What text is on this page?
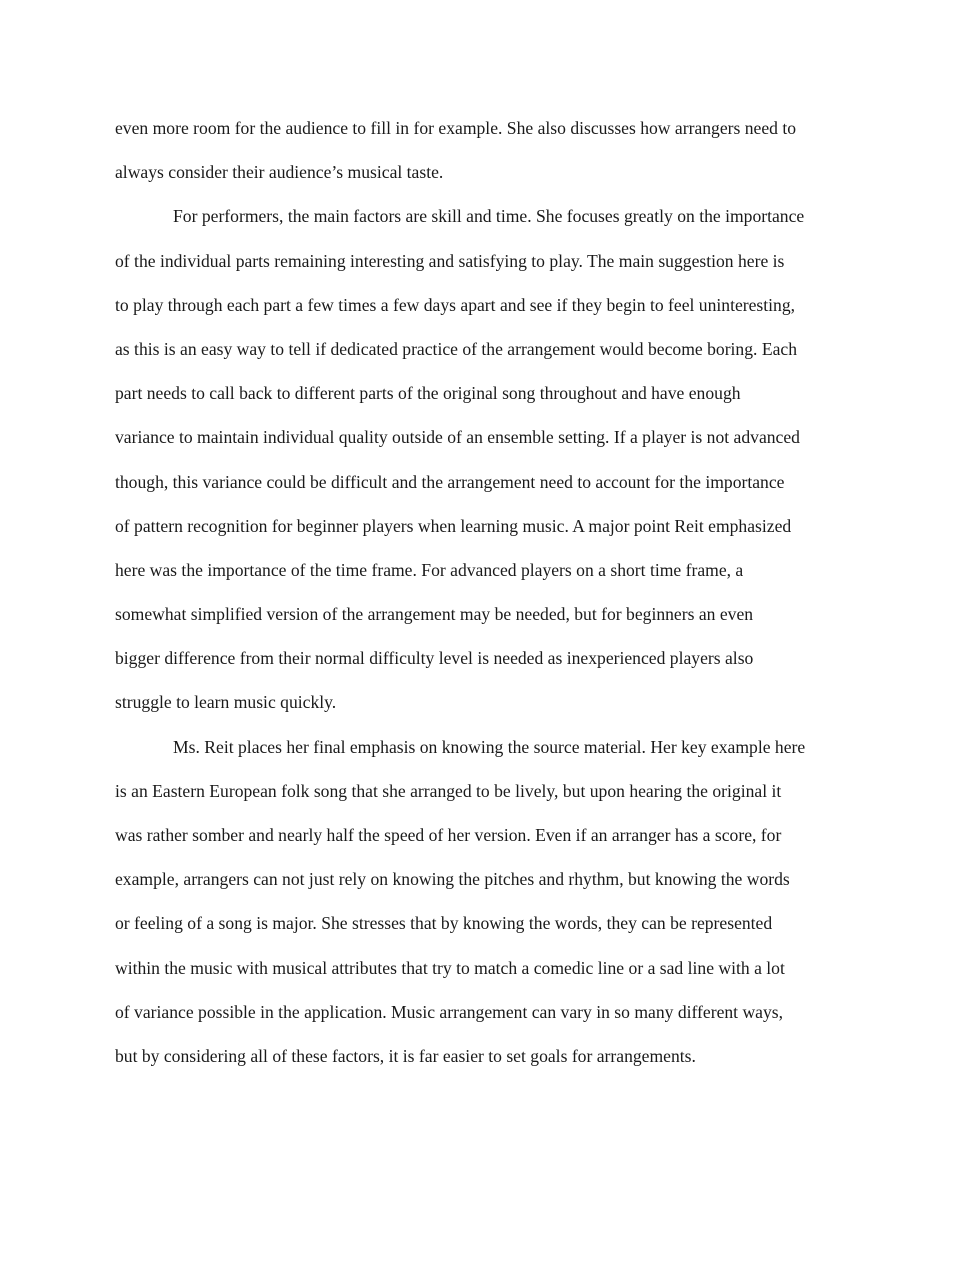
even more room for the audience to fill in for example. She also discusses how arrangers need to
always consider their audience’s musical taste.
For performers, the main factors are skill and time. She focuses greatly on the importance
of the individual parts remaining interesting and satisfying to play. The main suggestion here is
to play through each part a few times a few days apart and see if they begin to feel uninteresting,
as this is an easy way to tell if dedicated practice of the arrangement would become boring. Each
part needs to call back to different parts of the original song throughout and have enough
variance to maintain individual quality outside of an ensemble setting. If a player is not advanced
though, this variance could be difficult and the arrangement need to account for the importance
of pattern recognition for beginner players when learning music. A major point Reit emphasized
here was the importance of the time frame. For advanced players on a short time frame, a
somewhat simplified version of the arrangement may be needed, but for beginners an even
bigger difference from their normal difficulty level is needed as inexperienced players also
struggle to learn music quickly.
Ms. Reit places her final emphasis on knowing the source material. Her key example here
is an Eastern European folk song that she arranged to be lively, but upon hearing the original it
was rather somber and nearly half the speed of her version. Even if an arranger has a score, for
example, arrangers can not just rely on knowing the pitches and rhythm, but knowing the words
or feeling of a song is major. She stresses that by knowing the words, they can be represented
within the music with musical attributes that try to match a comedic line or a sad line with a lot
of variance possible in the application. Music arrangement can vary in so many different ways,
but by considering all of these factors, it is far easier to set goals for arrangements.
